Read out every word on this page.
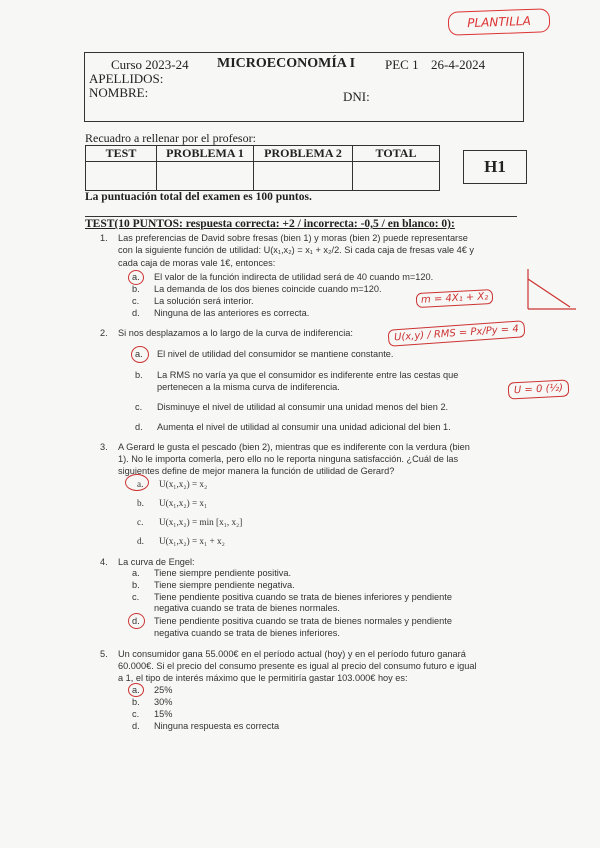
PLANTILLA
Curso 2023-24 MICROECONOMÍA I PEC 1 26-4-2024
APELLIDOS:
NOMBRE:	DNI:
Recuadro a rellenar por el profesor:
TEST	PROBLEMA 1	PROBLEMA 2	TOTAL

H1
La puntuación total del examen es 100 puntos.
TEST(10 PUNTOS: respuesta correcta: +2 / incorrecta: -0,5 / en blanco: 0):
1. Las preferencias de David sobre fresas (bien 1) y moras (bien 2) puede representarse
con la siguiente función de utilidad: U(x₁,x₂) = x₁ + x₂/2. Si cada caja de fresas vale 4€ y
cada caja de moras vale 1€, entonces:
a. El valor de la función indirecta de utilidad será de 40 cuando m=120.
b. La demanda de los dos bienes coincide cuando m=120.
c. La solución será interior.
d. Ninguna de las anteriores es correcta.
2. Si nos desplazamos a lo largo de la curva de indiferencia:
a. El nivel de utilidad del consumidor se mantiene constante.
b. La RMS no varía ya que el consumidor es indiferente entre las cestas que
pertenecen a la misma curva de indiferencia.
c. Disminuye el nivel de utilidad al consumir una unidad menos del bien 2.
d. Aumenta el nivel de utilidad al consumir una unidad adicional del bien 1.
3. A Gerard le gusta el pescado (bien 2), mientras que es indiferente con la verdura (bien
1). No le importa comerla, pero ello no le reporta ninguna satisfacción. ¿Cuál de las
siguientes define de mejor manera la función de utilidad de Gerard?
a. U(x₁,x₂) = x₂
b. U(x₁,x₂) = x₁
c. U(x₁,x₂) = min [x₁, x₂]
d. U(x₁,x₂) = x₁ + x₂
4. La curva de Engel:
a. Tiene siempre pendiente positiva.
b. Tiene siempre pendiente negativa.
c. Tiene pendiente positiva cuando se trata de bienes inferiores y pendiente
negativa cuando se trata de bienes normales.
d. Tiene pendiente positiva cuando se trata de bienes normales y pendiente
negativa cuando se trata de bienes inferiores.
5. Un consumidor gana 55.000€ en el período actual (hoy) y en el período futuro ganará
60.000€. Si el precio del consumo presente es igual al precio del consumo futuro e igual
a 1, el tipo de interés máximo que le permitiría gastar 103.000€ hoy es:
a. 25%
b. 30%
c. 15%
d. Ninguna respuesta es correcta
m = 4X₁ + X₂
U(x,y) / RMS = Px/Py = 4
U = 0 (½)
